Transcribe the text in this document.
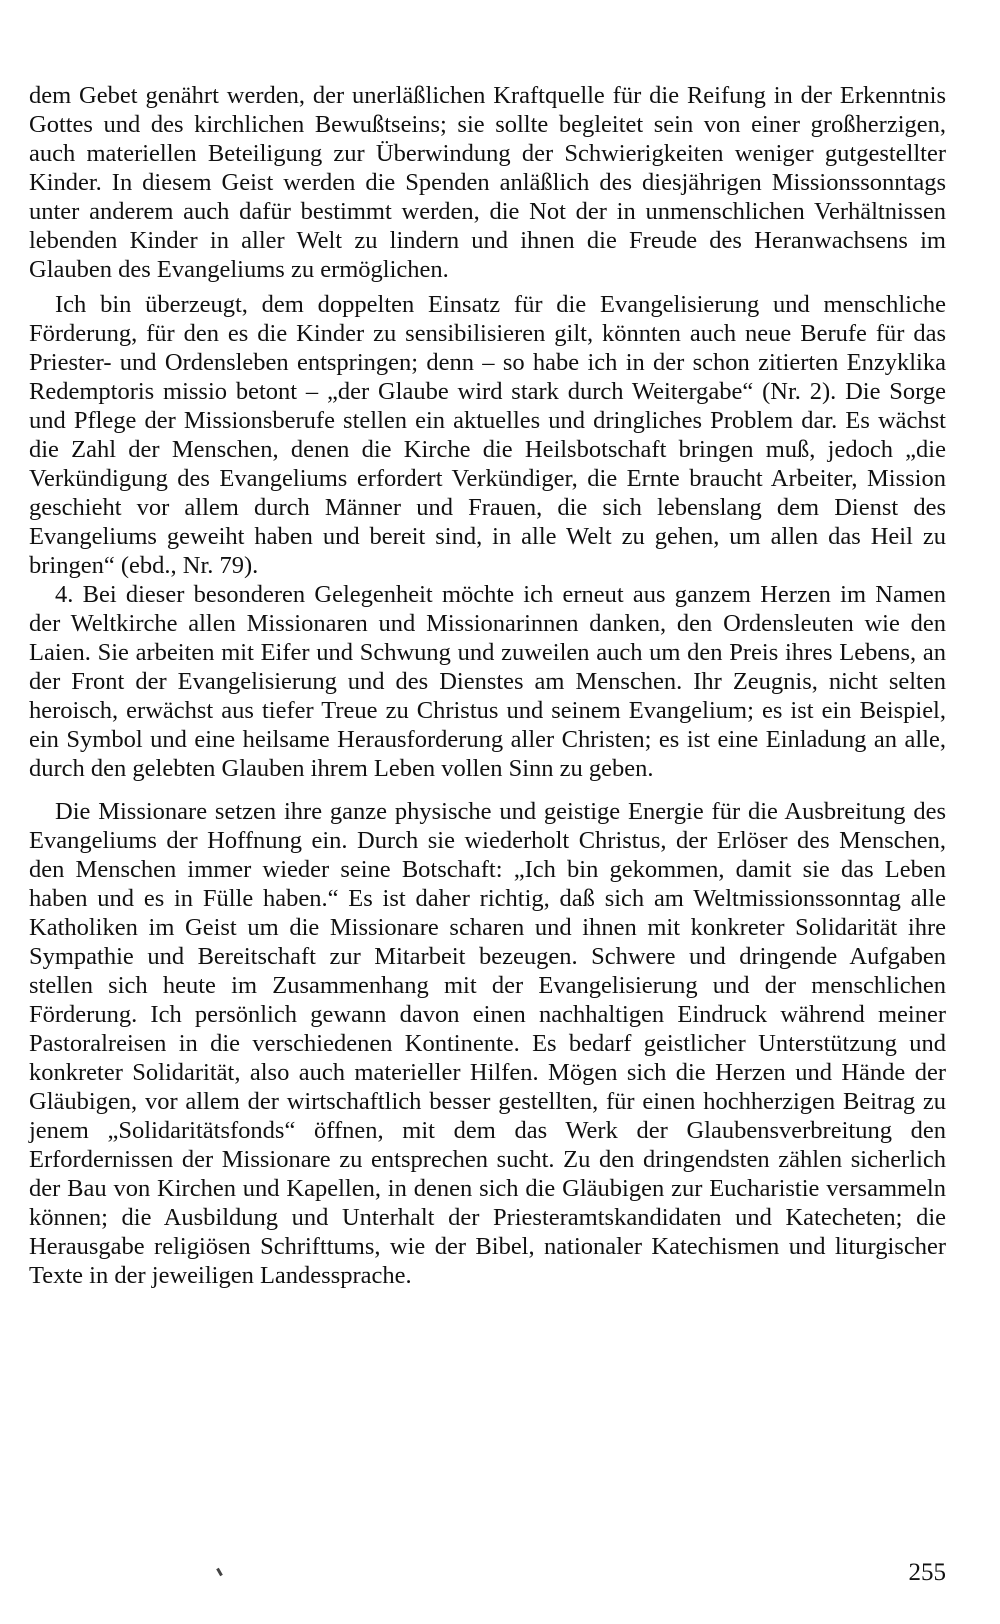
dem Gebet genährt werden, der unerläßlichen Kraftquelle für die Reifung in der Erkenntnis Gottes und des kirchlichen Bewußtseins; sie sollte begleitet sein von einer großherzigen, auch materiellen Beteiligung zur Überwindung der Schwierigkeiten weniger gutgestellter Kinder. In diesem Geist werden die Spenden anläßlich des diesjährigen Missionssonntags unter anderem auch dafür bestimmt werden, die Not der in unmenschlichen Verhältnissen lebenden Kinder in aller Welt zu lindern und ihnen die Freude des Heranwachsens im Glauben des Evangeliums zu ermöglichen.

Ich bin überzeugt, dem doppelten Einsatz für die Evangelisierung und menschliche Förderung, für den es die Kinder zu sensibilisieren gilt, könnten auch neue Berufe für das Priester- und Ordensleben entspringen; denn – so habe ich in der schon zitierten Enzyklika Redemptoris missio betont – „der Glaube wird stark durch Weitergabe“ (Nr. 2). Die Sorge und Pflege der Missionsberufe stellen ein aktuelles und dringliches Problem dar. Es wächst die Zahl der Menschen, denen die Kirche die Heilsbotschaft bringen muß, jedoch „die Verkündigung des Evangeliums erfordert Verkündiger, die Ernte braucht Arbeiter, Mission geschieht vor allem durch Männer und Frauen, die sich lebenslang dem Dienst des Evangeliums geweiht haben und bereit sind, in alle Welt zu gehen, um allen das Heil zu bringen“ (ebd., Nr. 79).

4. Bei dieser besonderen Gelegenheit möchte ich erneut aus ganzem Herzen im Namen der Weltkirche allen Missionaren und Missionarinnen danken, den Ordensleuten wie den Laien. Sie arbeiten mit Eifer und Schwung und zuweilen auch um den Preis ihres Lebens, an der Front der Evangelisierung und des Dienstes am Menschen. Ihr Zeugnis, nicht selten heroisch, erwächst aus tiefer Treue zu Christus und seinem Evangelium; es ist ein Beispiel, ein Symbol und eine heilsame Herausforderung aller Christen; es ist eine Einladung an alle, durch den gelebten Glauben ihrem Leben vollen Sinn zu geben.

Die Missionare setzen ihre ganze physische und geistige Energie für die Ausbreitung des Evangeliums der Hoffnung ein. Durch sie wiederholt Christus, der Erlöser des Menschen, den Menschen immer wieder seine Botschaft: „Ich bin gekommen, damit sie das Leben haben und es in Fülle haben.“ Es ist daher richtig, daß sich am Weltmissionssonntag alle Katholiken im Geist um die Missionare scharen und ihnen mit konkreter Solidarität ihre Sympathie und Bereitschaft zur Mitarbeit bezeugen. Schwere und dringende Aufgaben stellen sich heute im Zusammenhang mit der Evangelisierung und der menschlichen Förderung. Ich persönlich gewann davon einen nachhaltigen Eindruck während meiner Pastoralreisen in die verschiedenen Kontinente. Es bedarf geistlicher Unterstützung und konkreter Solidarität, also auch materieller Hilfen. Mögen sich die Herzen und Hände der Gläubigen, vor allem der wirtschaftlich besser gestellten, für einen hochherzigen Beitrag zu jenem „Solidaritätsfonds“ öffnen, mit dem das Werk der Glaubensverbreitung den Erfordernissen der Missionare zu entsprechen sucht. Zu den dringendsten zählen sicherlich der Bau von Kirchen und Kapellen, in denen sich die Gläubigen zur Eucharistie versammeln können; die Ausbildung und Unterhalt der Priesteramtskandidaten und Katecheten; die Herausgabe religiösen Schrifttums, wie der Bibel, nationaler Katechismen und liturgischer Texte in der jeweiligen Landessprache.

255
